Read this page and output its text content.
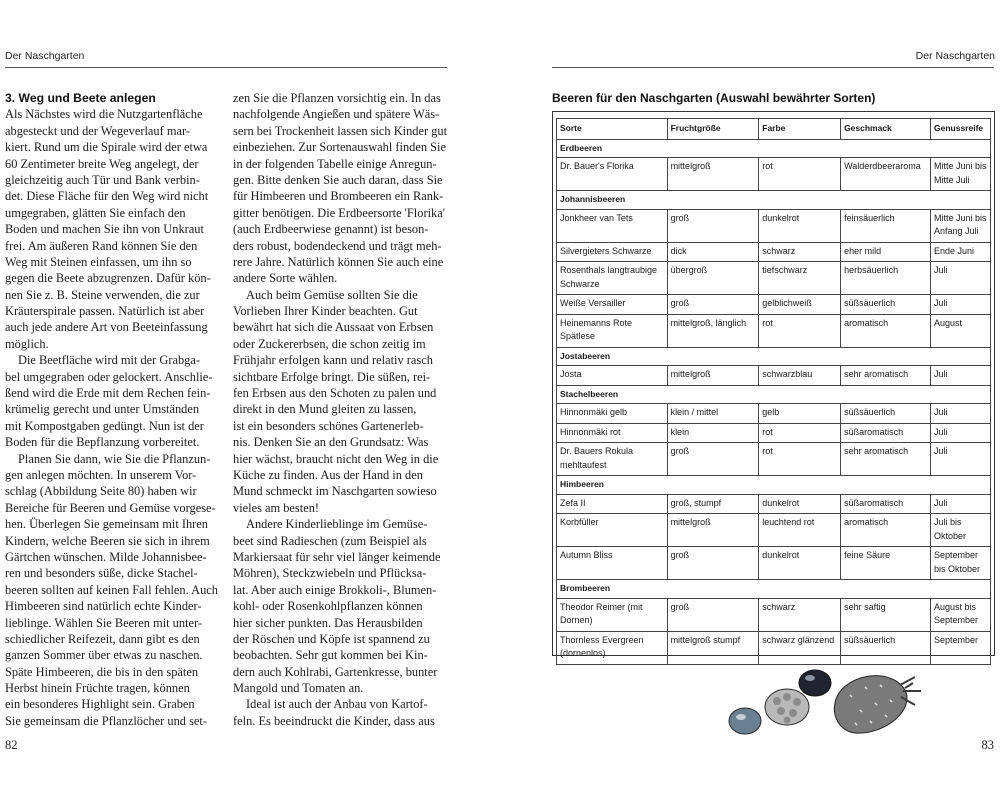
Der Naschgarten
3. Weg und Beete anlegen
Als Nächstes wird die Nutzgartenfläche
abgesteckt und der Wegeverlauf mar-
kiert. Rund um die Spirale wird der etwa
60 Zentimeter breite Weg angelegt, der
gleichzeitig auch Tür und Bank verbin-
det. Diese Fläche für den Weg wird nicht
umgegraben, glätten Sie einfach den
Boden und machen Sie ihn von Unkraut
frei. Am äußeren Rand können Sie den
Weg mit Steinen einfassen, um ihn so
gegen die Beete abzugrenzen. Dafür kön-
nen Sie z. B. Steine verwenden, die zur
Kräuterspirale passen. Natürlich ist aber
auch jede andere Art von Beeteinfassung
möglich.
Die Beetfläche wird mit der Grabga-
bel umgegraben oder gelockert. Anschlie-
ßend wird die Erde mit dem Rechen fein-
krümelig gerecht und unter Umständen
mit Kompostgaben gedüngt. Nun ist der
Boden für die Bepflanzung vorbereitet.
Planen Sie dann, wie Sie die Pflanzun-
gen anlegen möchten. In unserem Vor-
schlag (Abbildung Seite 80) haben wir
Bereiche für Beeren und Gemüse vorgese-
hen. Überlegen Sie gemeinsam mit Ihren
Kindern, welche Beeren sie sich in ihrem
Gärtchen wünschen. Milde Johannisbee-
ren und besonders süße, dicke Stachel-
beeren sollten auf keinen Fall fehlen. Auch
Himbeeren sind natürlich echte Kinder-
lieblinge. Wählen Sie Beeren mit unter-
schiedlicher Reifezeit, dann gibt es den
ganzen Sommer über etwas zu naschen.
Späte Himbeeren, die bis in den späten
Herbst hinein Früchte tragen, können
ein besonderes Highlight sein. Graben
Sie gemeinsam die Pflanzlöcher und set-
zen Sie die Pflanzen vorsichtig ein. In das
nachfolgende Angießen und spätere Wäs-
sern bei Trockenheit lassen sich Kinder gut
einbeziehen. Zur Sortenauswahl finden Sie
in der folgenden Tabelle einige Anregun-
gen. Bitte denken Sie auch daran, dass Sie
für Himbeeren und Brombeeren ein Rank-
gitter benötigen. Die Erdbeersorte 'Florika'
(auch Erdbeerwiese genannt) ist beson-
ders robust, bodendeckend und trägt meh-
rere Jahre. Natürlich können Sie auch eine
andere Sorte wählen.
Auch beim Gemüse sollten Sie die
Vorlieben Ihrer Kinder beachten. Gut
bewährt hat sich die Aussaat von Erbsen
oder Zuckererbsen, die schon zeitig im
Frühjahr erfolgen kann und relativ rasch
sichtbare Erfolge bringt. Die süßen, rei-
fen Erbsen aus den Schoten zu palen und
direkt in den Mund gleiten zu lassen,
ist ein besonders schönes Gartenerleb-
nis. Denken Sie an den Grundsatz: Was
hier wächst, braucht nicht den Weg in die
Küche zu finden. Aus der Hand in den
Mund schmeckt im Naschgarten sowieso
vieles am besten!
Andere Kinderlieblinge im Gemüse-
beet sind Radieschen (zum Beispiel als
Markiersaat für sehr viel länger keimende
Möhren), Steckzwiebeln und Pflücksa-
lat. Aber auch einige Brokkoli-, Blumen-
kohl- oder Rosenkohlpflanzen können
hier sicher punkten. Das Herausbilden
der Röschen und Köpfe ist spannend zu
beobachten. Sehr gut kommen bei Kin-
dern auch Kohlrabi, Gartenkresse, bunter
Mangold und Tomaten an.
Ideal ist auch der Anbau von Kartof-
feln. Es beeindruckt die Kinder, dass aus
82
Der Naschgarten
83
Beeren für den Naschgarten (Auswahl bewährter Sorten)
Sorte	Fruchtgröße	Farbe	Geschmack	Genussreife
Erdbeeren				
Dr. Bauer's Florika	mittelgroß	rot	Walderdbeeraroma	Mitte Juni bis Mitte Juli
Johannisbeeren				
Jonkheer van Tets	groß	dunkelrot	feinsäuerlich	Mitte Juni bis Anfang Juli
Silvergieters Schwarze	dick	schwarz	eher mild	Ende Juni
Rosenthals langtraubige Schwarze	übergroß	tiefschwarz	herbsäuerlich	Juli
Weiße Versailler	groß	gelblichweiß	süßsäuerlich	Juli
Heinemanns Rote Spätlese	mittelgroß, länglich	rot	aromatisch	August
Jostabeeren				
Josta	mittelgroß	schwarzblau	sehr aromatisch	Juli
Stachelbeeren				
Hinnonmäki gelb	klein / mittel	gelb	süßsäuerlich	Juli
Hinnonmäki rot	klein	rot	süßaromatisch	Juli
Dr. Bauers Rokula mehltaufest	groß	rot	sehr aromatisch	Juli
Himbeeren				
Zefa II	groß, stumpf	dunkelrot	süßaromatisch	Juli
Korbfüller	mittelgroß	leuchtend rot	aromatisch	Juli bis Oktober
Autumn Bliss	groß	dunkelrot	feine Säure	September bis Oktober
Brombeeren				
Theodor Reimer (mit Dornen)	groß	schwarz	sehr saftig	August bis September
Thornless Evergreen (dornenlos)	mittelgroß stumpf	schwarz glänzend	süßsäuerlich	September
